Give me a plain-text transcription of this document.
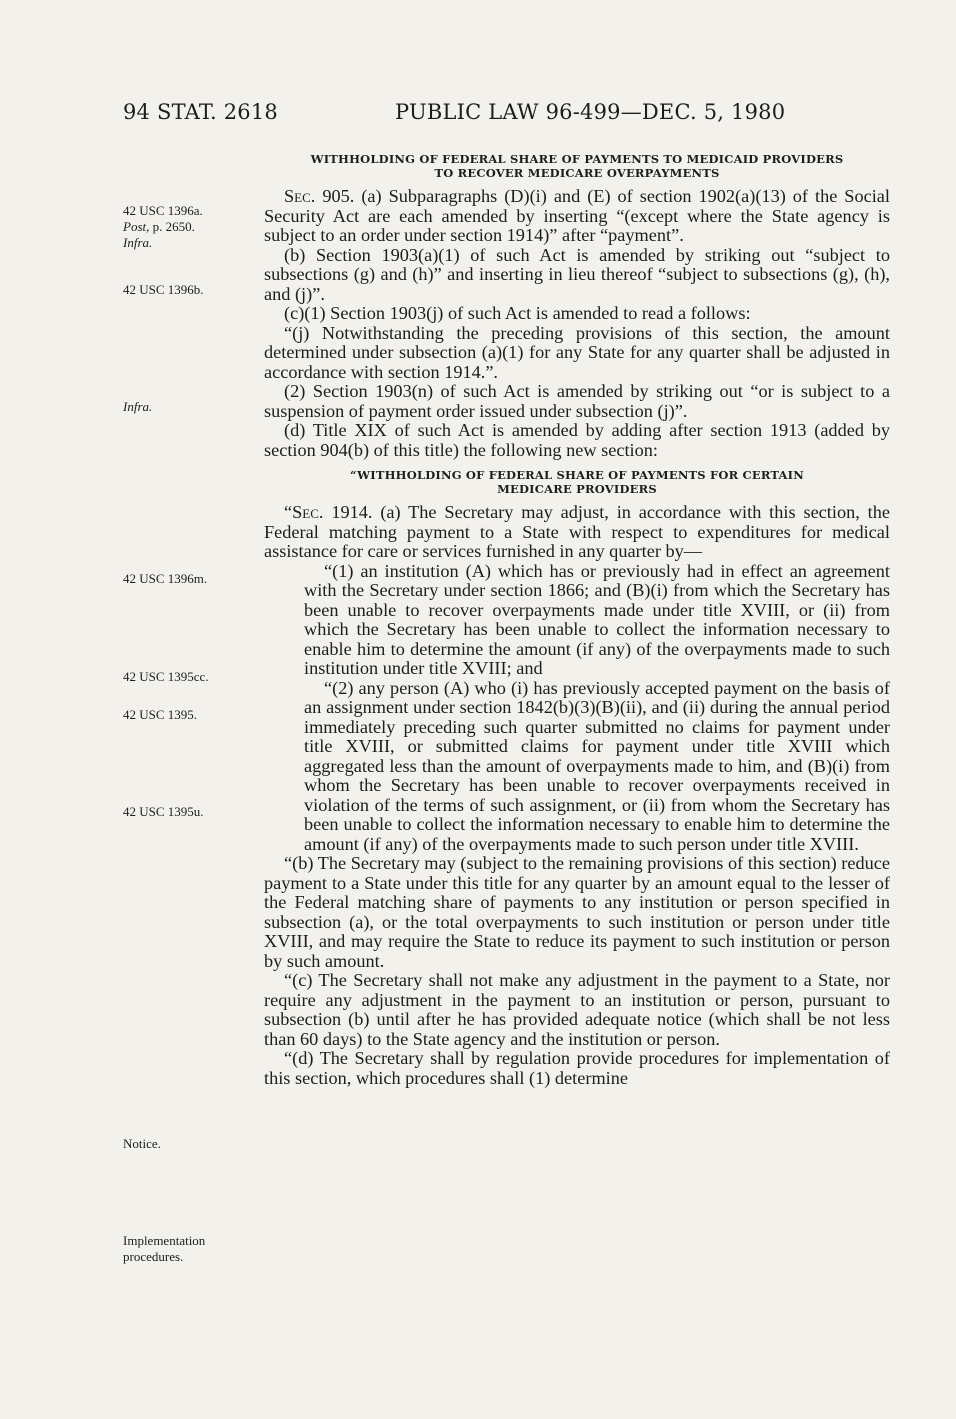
94 STAT. 2618	PUBLIC LAW 96-499—DEC. 5, 1980
42 USC 1396a.
Post, p. 2650.
Infra.
42 USC 1396b.
Infra.
42 USC 1396m.
42 USC 1395cc.
42 USC 1395.
42 USC 1395u.
Notice.
Implementation
procedures.
WITHHOLDING OF FEDERAL SHARE OF PAYMENTS TO MEDICAID PROVIDERS
TO RECOVER MEDICARE OVERPAYMENTS

Sec. 905. (a) Subparagraphs (D)(i) and (E) of section 1902(a)(13) of the Social Security Act are each amended by inserting “(except where the State agency is subject to an order under section 1914)” after “payment”.

(b) Section 1903(a)(1) of such Act is amended by striking out “subject to subsections (g) and (h)” and inserting in lieu thereof “subject to subsections (g), (h), and (j)”.

(c)(1) Section 1903(j) of such Act is amended to read a follows:

“(j) Notwithstanding the preceding provisions of this section, the amount determined under subsection (a)(1) for any State for any quarter shall be adjusted in accordance with section 1914.”.

(2) Section 1903(n) of such Act is amended by striking out “or is subject to a suspension of payment order issued under subsection (j)”.

(d) Title XIX of such Act is amended by adding after section 1913 (added by section 904(b) of this title) the following new section:

“WITHHOLDING OF FEDERAL SHARE OF PAYMENTS FOR CERTAIN
MEDICARE PROVIDERS

“Sec. 1914. (a) The Secretary may adjust, in accordance with this section, the Federal matching payment to a State with respect to expenditures for medical assistance for care or services furnished in any quarter by—

“(1) an institution (A) which has or previously had in effect an agreement with the Secretary under section 1866; and (B)(i) from which the Secretary has been unable to recover overpayments made under title XVIII, or (ii) from which the Secretary has been unable to collect the information necessary to enable him to determine the amount (if any) of the overpayments made to such institution under title XVIII; and

“(2) any person (A) who (i) has previously accepted payment on the basis of an assignment under section 1842(b)(3)(B)(ii), and (ii) during the annual period immediately preceding such quarter submitted no claims for payment under title XVIII, or submitted claims for payment under title XVIII which aggregated less than the amount of overpayments made to him, and (B)(i) from whom the Secretary has been unable to recover overpayments received in violation of the terms of such assignment, or (ii) from whom the Secretary has been unable to collect the information necessary to enable him to determine the amount (if any) of the overpayments made to such person under title XVIII.

“(b) The Secretary may (subject to the remaining provisions of this section) reduce payment to a State under this title for any quarter by an amount equal to the lesser of the Federal matching share of payments to any institution or person specified in subsection (a), or the total overpayments to such institution or person under title XVIII, and may require the State to reduce its payment to such institution or person by such amount.

“(c) The Secretary shall not make any adjustment in the payment to a State, nor require any adjustment in the payment to an institution or person, pursuant to subsection (b) until after he has provided adequate notice (which shall be not less than 60 days) to the State agency and the institution or person.

“(d) The Secretary shall by regulation provide procedures for implementation of this section, which procedures shall (1) determine
